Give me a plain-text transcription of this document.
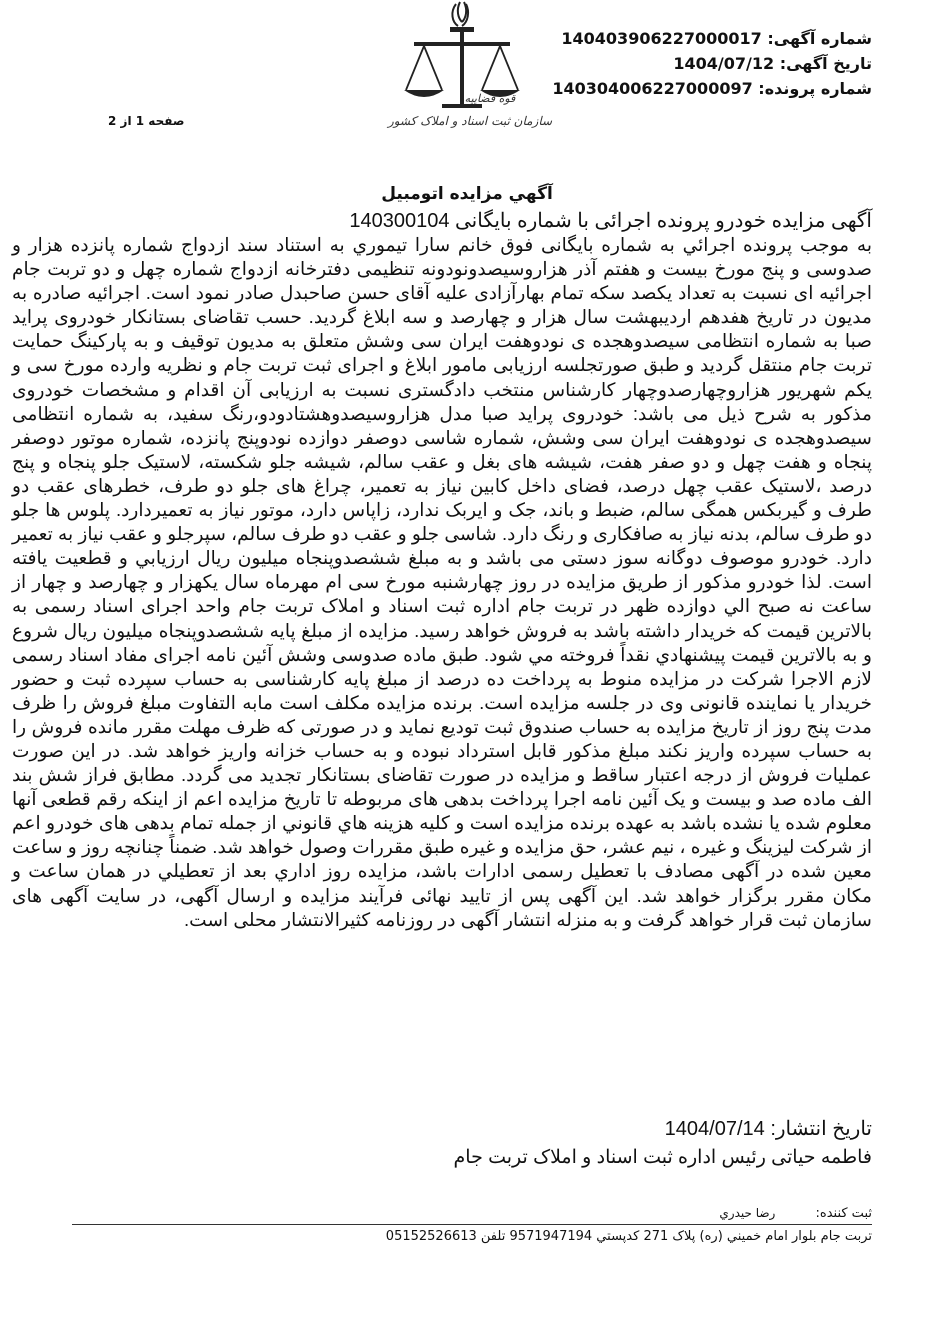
شماره آگهی: 140403906227000017
تاریخ آگهی: 1404/07/12
شماره پرونده: 140304006227000097
قوه قضاییه
سازمان ثبت اسناد و املاک کشور
صفحه 1 از 2
آگهي مزايده اتومبيل
آگهی مزایده خودرو پرونده اجرائی با شماره بایگانی 140300104

به موجب پرونده اجرائي به شماره بایگانی فوق خانم سارا تیموري به استناد سند ازدواج شماره پانزده هزار و صدوسی و پنج مورخ بیست و هفتم آذر هزاروسیصدونودونه تنظیمی دفترخانه ازدواج شماره چهل و دو تربت جام اجرائیه ای نسبت به تعداد یکصد سکه تمام بهارآزادی علیه آقای حسن صاحبدل صادر نمود است. اجرائیه صادره به مدیون در تاریخ هفدهم اردیبهشت سال هزار و چهارصد و سه ابلاغ گردید. حسب تقاضای بستانکار خودروی پراید صبا به شماره انتظامی سیصدوهجده ی نودوهفت ایران سی وشش متعلق به مدیون توقیف و به پارکینگ حمایت تربت جام منتقل گردید و طبق صورتجلسه ارزیابی مامور ابلاغ و اجرای ثبت تربت جام و نظریه وارده مورخ سی و یکم شهریور هزاروچهارصدوچهار کارشناس منتخب دادگستری نسبت به ارزیابی آن اقدام و مشخصات خودروی مذکور به شرح ذیل می باشد: خودروی پراید صبا مدل هزاروسیصدوهشتادودو،رنگ سفید، به شماره انتظامی سیصدوهجده ی نودوهفت ایران سی وشش، شماره شاسی دوصفر دوازده نودوپنج پانزده، شماره موتور دوصفر پنجاه و هفت چهل و دو صفر هفت، شیشه های بغل و عقب سالم، شیشه جلو شکسته، لاستیک جلو پنجاه و پنج درصد ،لاستیک عقب چهل درصد، فضای داخل کابین نیاز به تعمیر، چراغ های جلو دو طرف، خطرهای عقب دو طرف و گیربکس همگی سالم، ضبط و باند، جک و ایربک ندارد، زاپاس دارد، موتور نیاز به تعمیردارد. پلوس ها جلو دو طرف سالم، بدنه نیاز به صافکاری و رنگ دارد. شاسی جلو و عقب دو طرف سالم، سپرجلو و عقب نیاز به تعمیر دارد. خودرو موصوف دوگانه سوز دستی می باشد و به مبلغ ششصدوپنجاه میلیون ریال ارزيابي و قطعیت یافته است. لذا خودرو مذکور از طریق مزایده در روز چهارشنبه مورخ سی ام مهرماه سال یکهزار و چهارصد و چهار از ساعت نه صبح الي دوازده ظهر در تربت جام اداره ثبت اسناد و املاک تربت جام واحد اجرای اسناد رسمی به بالاترين قيمت که خريدار داشته باشد به فروش خواهد رسید. مزایده از مبلغ پایه ششصدوپنجاه میلیون ريال شروع و به بالاترين قيمت پيشنهادي نقداً فروخته مي شود. طبق ماده صدوسی وشش آئین نامه اجرای مفاد اسناد رسمی لازم الاجرا شرکت در مزایده منوط به پرداخت ده درصد از مبلغ پایه کارشناسی به حساب سپرده ثبت و حضور خریدار یا نماینده قانونی وی در جلسه مزایده است. برنده مزایده مکلف است مابه التفاوت مبلغ فروش را ظرف مدت پنج روز از تاریخ مزایده به حساب صندوق ثبت تودیع نماید و در صورتی که ظرف مهلت مقرر مانده فروش را به حساب سپرده واریز نکند مبلغ مذکور قابل استرداد نبوده و به حساب خزانه واریز خواهد شد. در این صورت عملیات فروش از درجه اعتبار ساقط و مزایده در صورت تقاضای بستانکار تجدید می گردد. مطابق فراز شش بند الف ماده صد و بیست و یک آئین نامه اجرا پرداخت بدهی های مربوطه تا تاریخ مزایده اعم از اینکه رقم قطعی آنها معلوم شده یا نشده باشد به عهده برنده مزایده است و کلیه هزینه هاي قانوني از جمله تمام بدهی های خودرو اعم از شرکت لیزینگ و غیره ، نیم عشر، حق مزایده و غیره طبق مقررات وصول خواهد شد. ضمناً چنانچه روز و ساعت معین شده در آگهی مصادف با تعطیل رسمی ادارات باشد، مزايده روز اداري بعد از تعطيلي در همان ساعت و مکان مقرر برگزار خواهد شد. این آگهی پس از تایید نهائی فرآیند مزایده و ارسال آگهی، در سایت آگهی های سازمان ثبت قرار خواهد گرفت و به منزله انتشار آگهی در روزنامه کثیرالانتشار محلی است.

تاریخ انتشار: 1404/07/14
فاطمه حیاتی رئیس اداره ثبت اسناد و املاک تربت جام
ثبت کننده: رضا حيدري
تربت جام بلوار امام خميني (ره) پلاک 271 کدپستي 9571947194 تلفن 05152526613
